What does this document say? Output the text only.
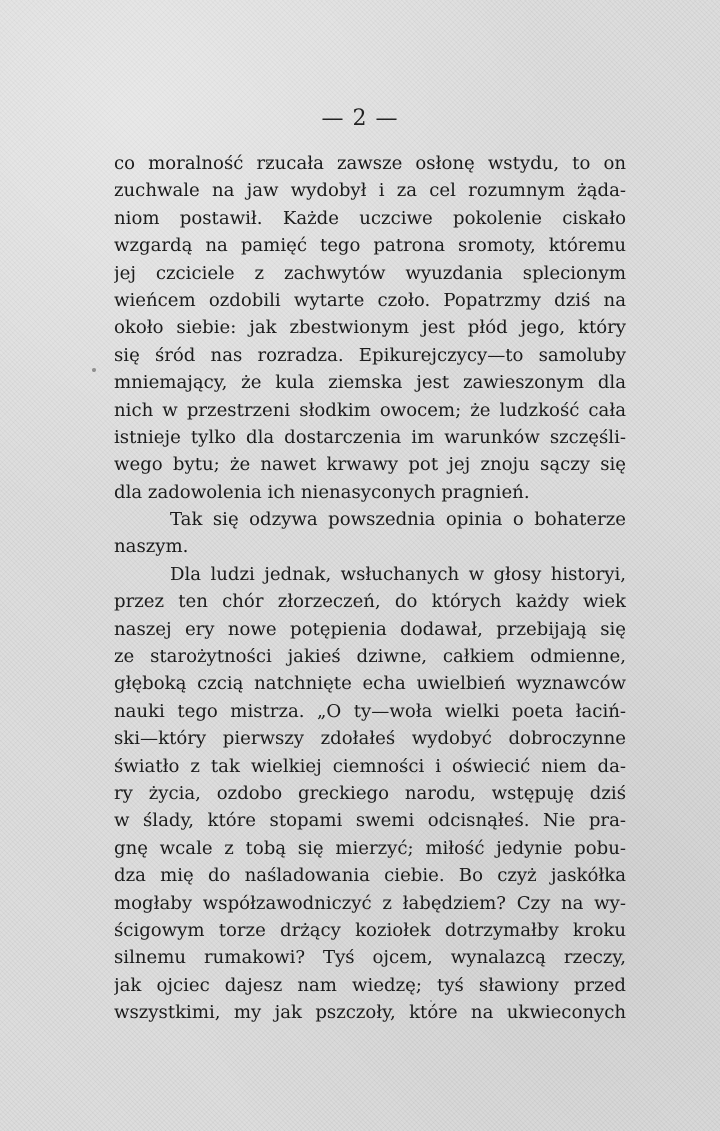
— 2 —
co moralność rzucała zawsze osłonę wstydu, to on
zuchwale na jaw wydobył i za cel rozumnym żąda-
niom postawił. Każde uczciwe pokolenie ciskało
wzgardą na pamięć tego patrona sromoty, któremu
jej czciciele z zachwytów wyuzdania splecionym
wieńcem ozdobili wytarte czoło. Popatrzmy dziś na
około siebie: jak zbestwionym jest płód jego, który
się śród nas rozradza. Epikurejczycy—to samoluby
mniemający, że kula ziemska jest zawieszonym dla
nich w przestrzeni słodkim owocem; że ludzkość cała
istnieje tylko dla dostarczenia im warunków szczęśli-
wego bytu; że nawet krwawy pot jej znoju sączy się
dla zadowolenia ich nienasyconych pragnień.
Tak się odzywa powszednia opinia o bohaterze
naszym.
Dla ludzi jednak, wsłuchanych w głosy historyi,
przez ten chór złorzeczeń, do których każdy wiek
naszej ery nowe potępienia dodawał, przebijają się
ze starożytności jakieś dziwne, całkiem odmienne,
głęboką czcią natchnięte echa uwielbień wyznawców
nauki tego mistrza. „O ty—woła wielki poeta łaciń-
ski—który pierwszy zdołałeś wydobyć dobroczynne
światło z tak wielkiej ciemności i oświecić niem da-
ry życia, ozdobo greckiego narodu, wstępuję dziś
w ślady, które stopami swemi odcisnąłeś. Nie pra-
gnę wcale z tobą się mierzyć; miłość jedynie pobu-
dza mię do naśladowania ciebie. Bo czyż jaskółka
mogłaby współzawodniczyć z łabędziem? Czy na wy-
ścigowym torze drżący koziołek dotrzymałby kroku
silnemu rumakowi? Tyś ojcem, wynalazcą rzeczy,
jak ojciec dajesz nam wiedzę; tyś sławiony przed
wszystkimi, my jak pszczoły, które na ukwieconych
